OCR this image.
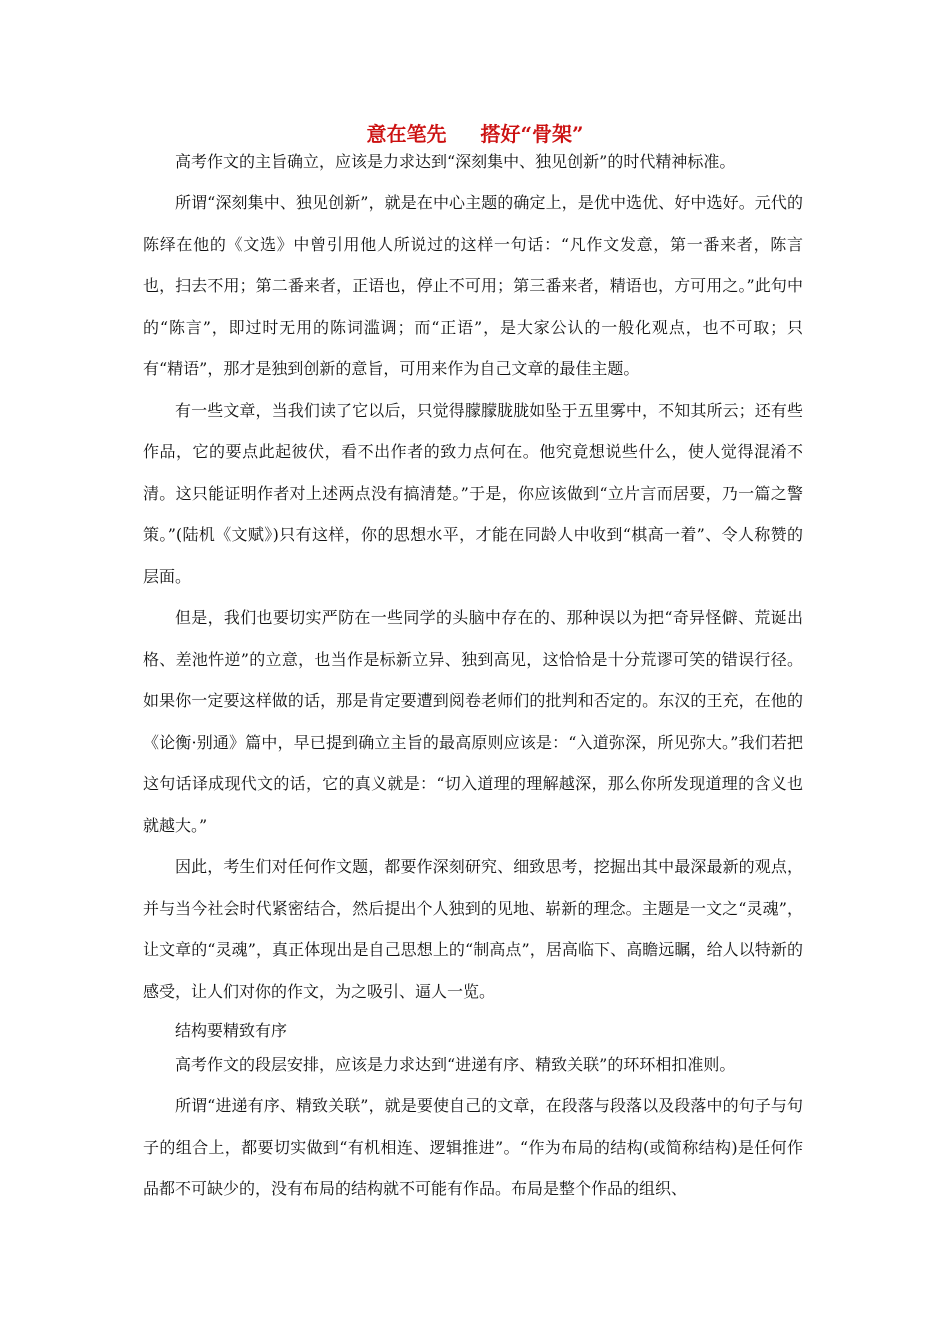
意在笔先 搭好“骨架”

高考作文的主旨确立，应该是力求达到“深刻集中、独见创新”的时代精神标准。

所谓“深刻集中、独见创新”，就是在中心主题的确定上，是优中选优、好中选好。元代的陈绎在他的《文选》中曾引用他人所说过的这样一句话：“凡作文发意，第一番来者，陈言也，扫去不用；第二番来者，正语也，停止不可用；第三番来者，精语也，方可用之。”此句中的“陈言”，即过时无用的陈词滥调；而“正语”，是大家公认的一般化观点，也不可取；只有“精语”，那才是独到创新的意旨，可用来作为自己文章的最佳主题。

有一些文章，当我们读了它以后，只觉得朦朦胧胧如坠于五里雾中，不知其所云；还有些作品，它的要点此起彼伏，看不出作者的致力点何在。他究竟想说些什么，使人觉得混淆不清。这只能证明作者对上述两点没有搞清楚。”于是，你应该做到“立片言而居要，乃一篇之警策。”(陆机《文赋》)只有这样，你的思想水平，才能在同龄人中收到“棋高一着”、令人称赞的层面。

但是，我们也要切实严防在一些同学的头脑中存在的、那种误以为把“奇异怪僻、荒诞出格、差池忤逆”的立意，也当作是标新立异、独到高见，这恰恰是十分荒谬可笑的错误行径。如果你一定要这样做的话，那是肯定要遭到阅卷老师们的批判和否定的。东汉的王充，在他的《论衡·别通》篇中，早已提到确立主旨的最高原则应该是：“入道弥深，所见弥大。”我们若把这句话译成现代文的话，它的真义就是：“切入道理的理解越深，那么你所发现道理的含义也就越大。”

因此，考生们对任何作文题，都要作深刻研究、细致思考，挖掘出其中最深最新的观点，并与当今社会时代紧密结合，然后提出个人独到的见地、崭新的理念。主题是一文之“灵魂”，让文章的“灵魂”，真正体现出是自己思想上的“制高点”，居高临下、高瞻远瞩，给人以特新的感受，让人们对你的作文，为之吸引、逼人一览。

结构要精致有序

高考作文的段层安排，应该是力求达到“进递有序、精致关联”的环环相扣准则。

所谓“进递有序、精致关联”，就是要使自己的文章，在段落与段落以及段落中的句子与句子的组合上，都要切实做到“有机相连、逻辑推进”。“作为布局的结构(或简称结构)是任何作品都不可缺少的，没有布局的结构就不可能有作品。布局是整个作品的组织、
